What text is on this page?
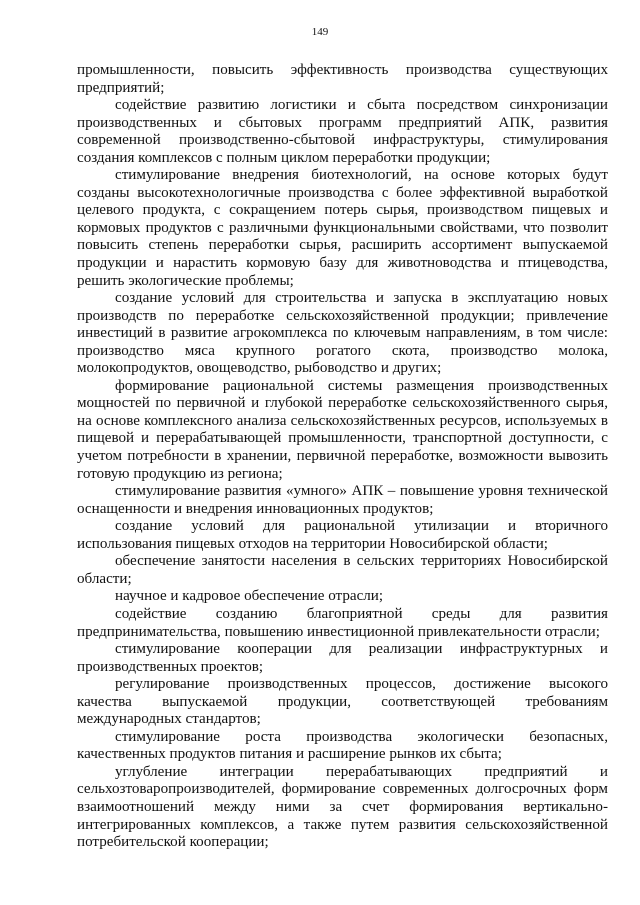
149

промышленности, повысить эффективность производства существующих предприятий;

содействие развитию логистики и сбыта посредством синхронизации производственных и сбытовых программ предприятий АПК, развития современной производственно-сбытовой инфраструктуры, стимулирования создания комплексов с полным циклом переработки продукции;

стимулирование внедрения биотехнологий, на основе которых будут созданы высокотехнологичные производства с более эффективной выработкой целевого продукта, с сокращением потерь сырья, производством пищевых и кормовых продуктов с различными функциональными свойствами, что позволит повысить степень переработки сырья, расширить ассортимент выпускаемой продукции и нарастить кормовую базу для животноводства и птицеводства, решить экологические проблемы;

создание условий для строительства и запуска в эксплуатацию новых производств по переработке сельскохозяйственной продукции; привлечение инвестиций в развитие агрокомплекса по ключевым направлениям, в том числе: производство мяса крупного рогатого скота, производство молока, молокопродуктов, овощеводство, рыбоводство и других;

формирование рациональной системы размещения производственных мощностей по первичной и глубокой переработке сельскохозяйственного сырья, на основе комплексного анализа сельскохозяйственных ресурсов, используемых в пищевой и перерабатывающей промышленности, транспортной доступности, с учетом потребности в хранении, первичной переработке, возможности вывозить готовую продукцию из региона;

стимулирование развития «умного» АПК – повышение уровня технической оснащенности и внедрения инновационных продуктов;

создание условий для рациональной утилизации и вторичного использования пищевых отходов на территории Новосибирской области;

обеспечение занятости населения в сельских территориях Новосибирской области;

научное и кадровое обеспечение отрасли;

содействие созданию благоприятной среды для развития предпринимательства, повышению инвестиционной привлекательности отрасли;

стимулирование кооперации для реализации инфраструктурных и производственных проектов;

регулирование производственных процессов, достижение высокого качества выпускаемой продукции, соответствующей требованиям международных стандартов;

стимулирование роста производства экологически безопасных, качественных продуктов питания и расширение рынков их сбыта;

углубление интеграции перерабатывающих предприятий и сельхозтоваропроизводителей, формирование современных долгосрочных форм взаимоотношений между ними за счет формирования вертикально-интегрированных комплексов, а также путем развития сельскохозяйственной потребительской кооперации;
